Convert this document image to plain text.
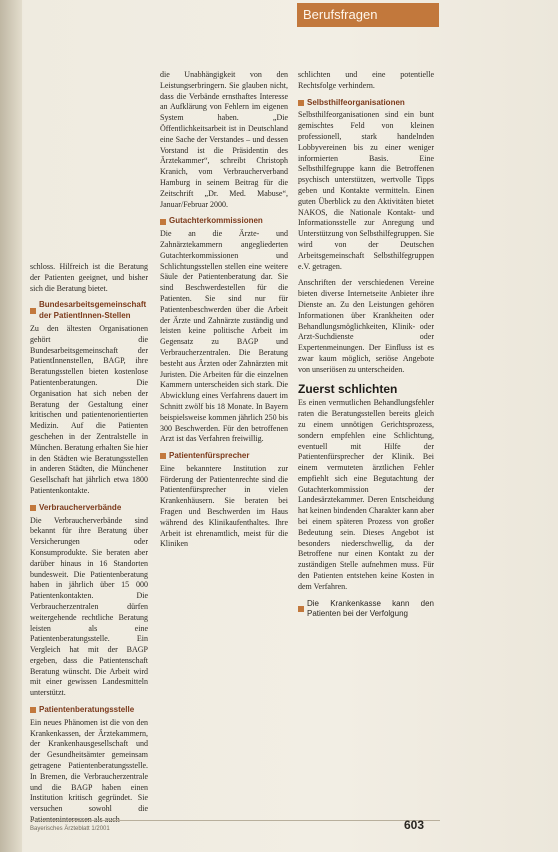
Berufsfragen

schloss. Hilfreich ist die Beratung der Patienten geeignet, und bisher sich die Beratung bietet.

Bundesarbeitsgemeinschaft der PatientInnen-Stellen

Zu den ältesten Organisationen gehört die Bundesarbeitsgemeinschaft der PatientInnenstellen, BAGP, ihre Beratungsstellen bieten kostenlose Patientenberatungen. Die Organisation hat sich neben der Beratung der Gestaltung einer kritischen und patientenorientierten Medizin. Auf die Patienten geschehen in der Zentralstelle in München. Beratung erhalten Sie hier in den Städten wie Beratungsstellen in anderen Städten, die Münchener Gesellschaft hat jährlich etwa 1800 Patientenkontakte.

Verbraucherverbände

Die Verbraucherverbände sind bekannt für ihre Beratung über Versicherungen oder Konsumprodukte. Sie beraten aber darüber hinaus in 16 Standorten bundesweit. Die Patientenberatung haben in jährlich über 15 000 Patientenkontakten. Die Verbraucherzentralen dürfen weitergehende rechtliche Beratung leisten als eine Patientenberatungsstelle. Ein Vergleich hat mit der BAGP ergeben, dass die Patientenschaft Beratung wünscht. Die Arbeit wird mit einer gewissen Landesmitteln unterstützt.

Patientenberatungsstelle

Ein neues Phänomen ist die von den Krankenkassen, der Ärztekammern, der Krankenhausgesellschaft und der Gesundheitsämter gemeinsam getragene Patientenberatungsstelle. In Bremen, die Verbraucherzentrale und die BAGP haben einen Institution kritisch gegründet. Sie versuchen sowohl die

die Unabhängigkeit von den Leistungserbringern. Sie glauben nicht, dass die Verbände ernsthaftes Interesse an Aufklärung von Fehlern im eigenen System haben. „Die Öffentlichkeitsarbeit ist in Deutschland eine Sache der Verstandes – und dessen Vorstand ist die Präsidentin des Ärztekammer“, schreibt Christoph Kranich, vom Verbraucherverband Hamburg in seinem Beitrag für die Zeitschrift „Dr. Med. Mabuse“, Januar/Februar 2000.

Gutachterkommissionen

Die an die Ärzte- und Zahnärztekammern angegliederten Gutachterkommissionen und Schlichtungsstellen stellen eine weitere Säule der Patientenberatung dar. Sie sind Beschwerdestellen für die Patienten. Sie sind nur für Patientenbeschwerden über die Arbeit der Ärzte und Zahnärzte zuständig und leisten keine politische Arbeit im Gegensatz zu BAGP und Verbraucherzentralen. Die Beratung besteht aus Ärzten oder Zahnärzten mit Juristen. Die Arbeiten für die einzelnen Kammern unterscheiden sich stark. Die Abwicklung eines Verfahrens dauert im Schnitt zwölf bis 18 Monate. In Bayern beispielsweise kommen jährlich 250 bis 300 Beschwerden. Für den betroffenen Arzt ist das Verfahren freiwillig.

Patientenfürsprecher

Eine bekanntere Institution zur Förderung der Patientenrechte sind die Patientenfürsprecher in vielen Krankenhäusern. Sie beraten bei Fragen und Beschwerden im Haus während des Klinikaufenthaltes. Ihre Arbeit ist ehrenamtlich, meist für die Kliniken

schlichten und eine potentielle Rechtsfolge verhindern.

Selbsthilfeorganisationen

Selbsthilfeorganisationen sind ein bunt gemischtes Feld von kleinen professionell, stark handelnden Lobbyvereinen bis zu einer weniger informierten Basis. Eine Selbsthilfegruppe kann die Betroffenen psychisch unterstützen, wertvolle Tipps geben und Kontakte vermitteln. Einen guten Überblick zu den Aktivitäten bietet NAKOS, die Nationale Kontakt- und Informationsstelle zur Anregung und Unterstützung von Selbsthilfegruppen. Sie wird von der Deutschen Arbeitsgemeinschaft Selbsthilfegruppen e.V. getragen.

Anschriften der verschiedenen Vereine bieten diverse Internetseite Anbieter ihre Dienste an. Zu den Leistungen gehören Informationen über Krankheiten oder Behandlungsmöglichkeiten, Klinik- oder Arzt-Suchdienste oder Expertenmeinungen. Der Einfluss ist es zwar kaum möglich, seriöse Angebote von unseriösen zu unterscheiden.

Zuerst schlichten

Es einen vermutlichen Behandlungsfehler raten die Beratungsstellen bereits gleich zu einem unnötigen Gerichtsprozess, sondern empfehlen eine Schlichtung, eventuell mit Hilfe der Patientenfürsprecher der Klinik. Bei einem vermuteten ärztlichen Fehler empfiehlt sich eine Begutachtung der Gutachterkommission der Landesärztekammer. Deren Entscheidung hat keinen bindenden Charakter kann aber bei einem späteren Prozess von großer Bedeutung sein. Dieses Angebot ist besonders niederschwellig, da der Betroffene nur einen Kontakt zu der zuständigen Stelle aufnehmen muss. Für den Patienten entstehen keine Kosten in dem Verfahren.

Die Krankenkasse kann den Patienten bei der Verfolgung
Bayerisches Ärzteblatt 1/2001	603
